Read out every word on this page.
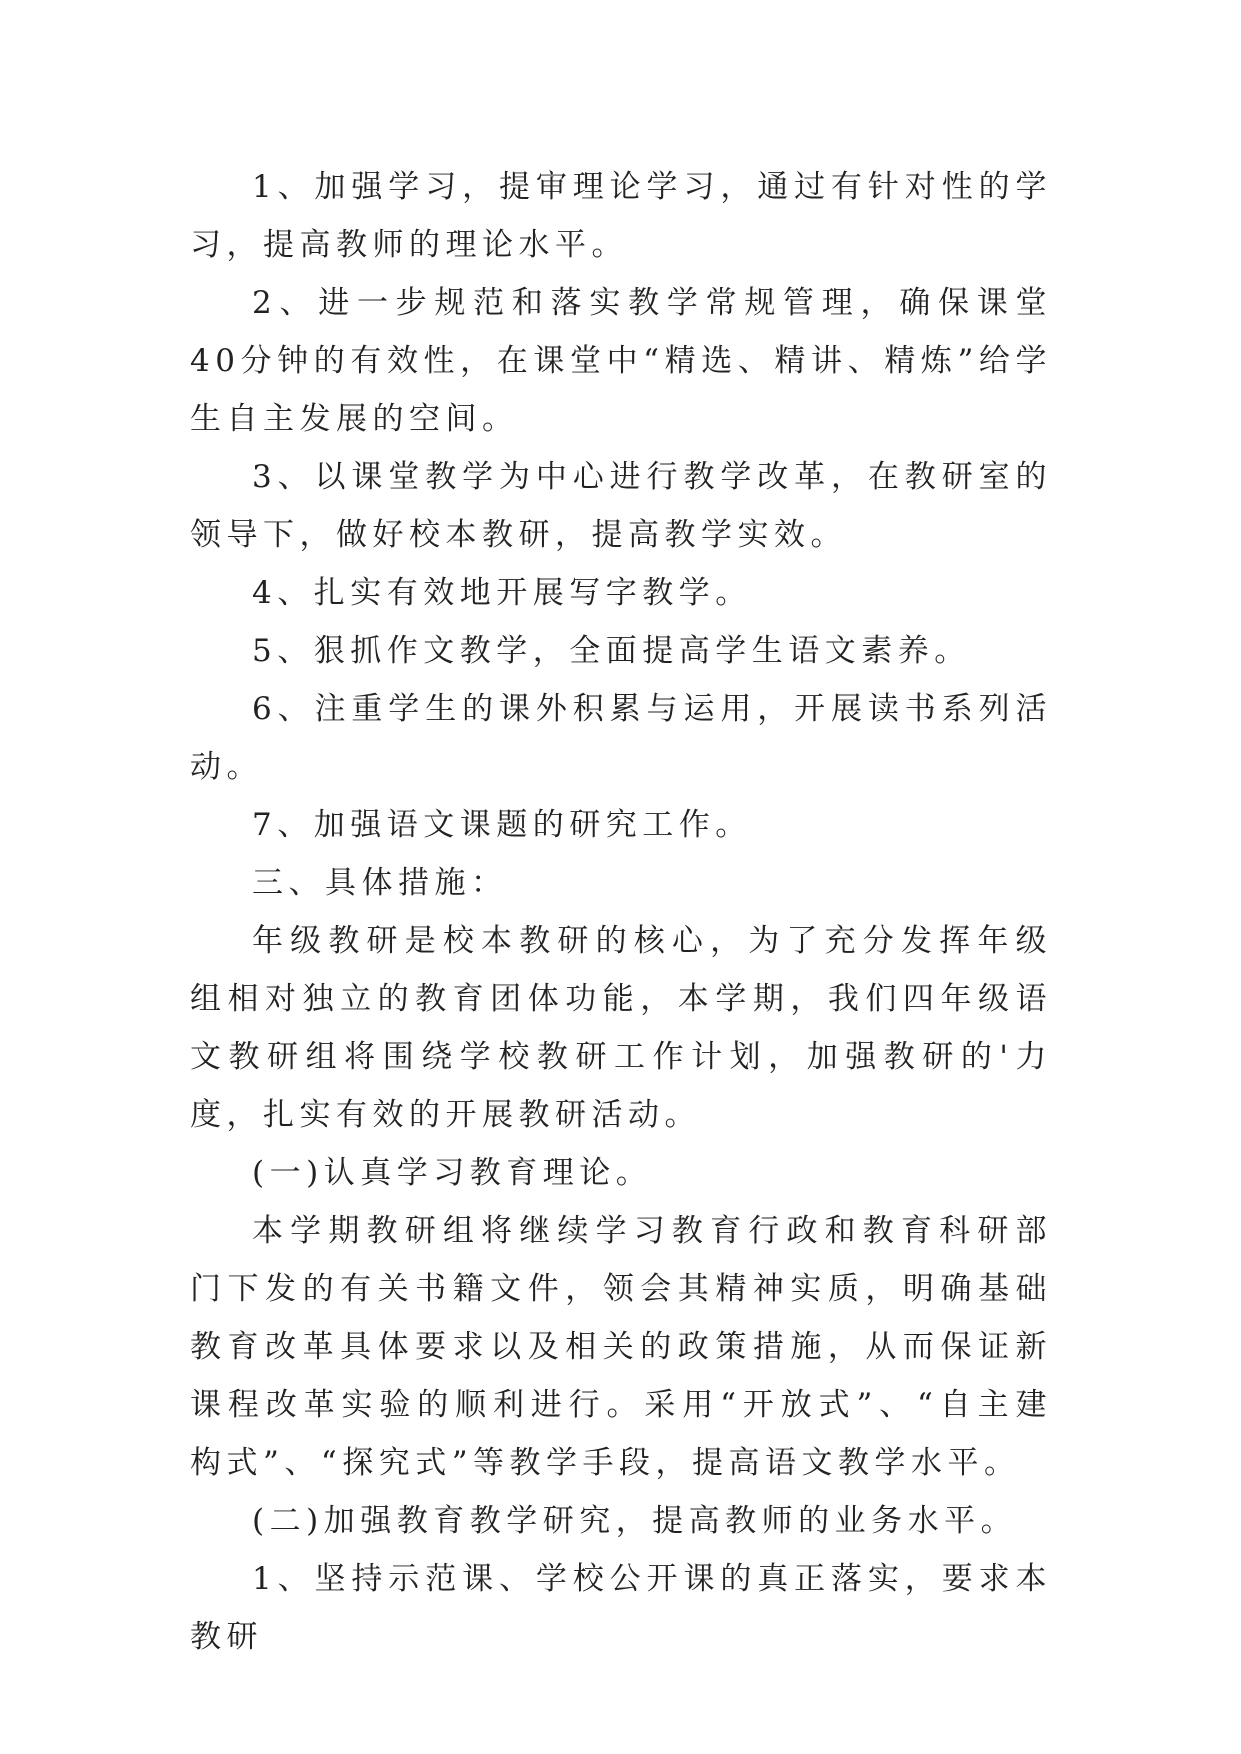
1、加强学习，提审理论学习，通过有针对性的学习，提高教师的理论水平。

2、进一步规范和落实教学常规管理，确保课堂40分钟的有效性，在课堂中“精选、精讲、精炼”给学生自主发展的空间。

3、以课堂教学为中心进行教学改革，在教研室的领导下，做好校本教研，提高教学实效。

4、扎实有效地开展写字教学。

5、狠抓作文教学，全面提高学生语文素养。

6、注重学生的课外积累与运用，开展读书系列活动。

7、加强语文课题的研究工作。

三、具体措施：

年级教研是校本教研的核心，为了充分发挥年级组相对独立的教育团体功能，本学期，我们四年级语文教研组将围绕学校教研工作计划，加强教研的'力度，扎实有效的开展教研活动。

(一)认真学习教育理论。

本学期教研组将继续学习教育行政和教育科研部门下发的有关书籍文件，领会其精神实质，明确基础教育改革具体要求以及相关的政策措施，从而保证新课程改革实验的顺利进行。采用“开放式”、“自主建构式”、“探究式”等教学手段，提高语文教学水平。

(二)加强教育教学研究，提高教师的业务水平。

1、坚持示范课、学校公开课的真正落实，要求本教研
